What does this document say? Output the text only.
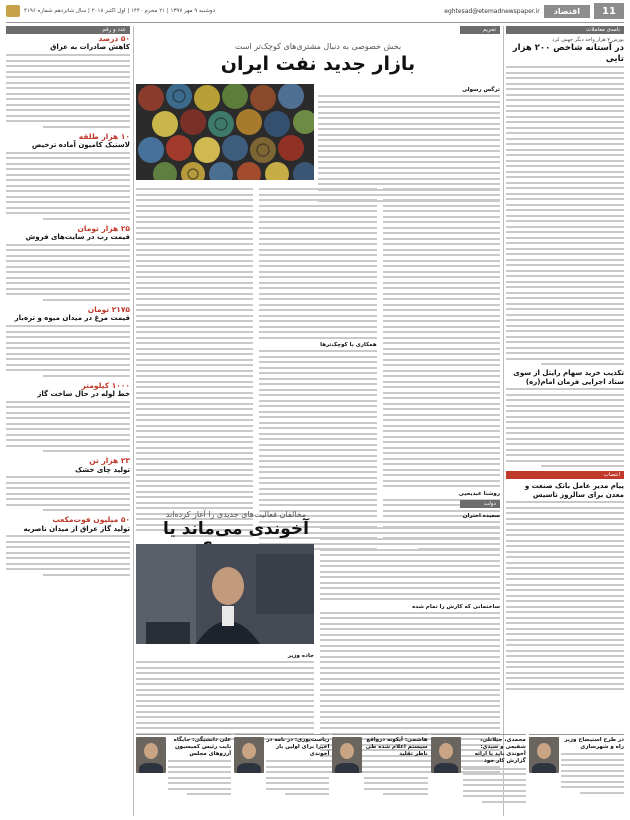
11
اقتصاد
eghtesad@etemadnewspaper.ir
دوشنبه ۹ مهر ۱۳۹۷ | ۲۱ محرم ۱۴۴۰ | اول اکتبر ۲۰۱۸ | سال شانزدهم شماره ۴۱۹۶
نامه‌ی معاملات
بورس ۷ هزار واحد دیگر جهش کرد
در آستانه شاخص ۲۰۰ هزار تایی
تکذیب خرید سهام رایتل از سوی ستاد اجرایی فرمان امام(ره)
انتصاب
پیام مدیر عامل بانک صنعت و معدن برای سالروز تاسیس
تحریم
بخش خصوصی به دنبال مشتری‌های کوچک‌تر است
بازار جدید نفت ایران
ترگس رسولی
روشنا عبدیحیی
همکاری با کوچک‌ترها
دولت
مخالفان فعالیت‌های جدیدی را آغاز کرده‌اند
آخوندی می‌ماند یا
سعیده اختران
ساختمانی که کارش را تمام شده
جاده وزیر
در طرح استیضاح وزیر راه و شهرسازی
محمدی، جیلانلی، شفیعی و سیدی: آخوندی باید با ارائه گزارش کار خود
هاشمی: آیکونه درواقع سیستم اعلام شده طی ناظر تقلید
ریاست‌پوری: در نامه در اخیرا برای اولین بار آخوندی
علی دانشیگی: جایگاه نایب رئیس کمیسیون آرزوهای مجلس
عدد و رقم
۵۰ درصد
کاهش صادرات به عراق
۱۰ هزار طلقه
لاستیک کامیون آماده ترخیص
۲۵ هزار تومان
قیمت رب در سایت‌های فروش
۲۱۷۵ تومان
قیمت مرغ در میدان میوه و تره‌بار
۱۰۰۰ کیلومتر
خط لوله در حال ساخت گاز
۲۳ هزار تن
تولید چای خشک
۵۰ میلیون فوت‌مکعب
تولید گاز عراق از میدان ناصریه
